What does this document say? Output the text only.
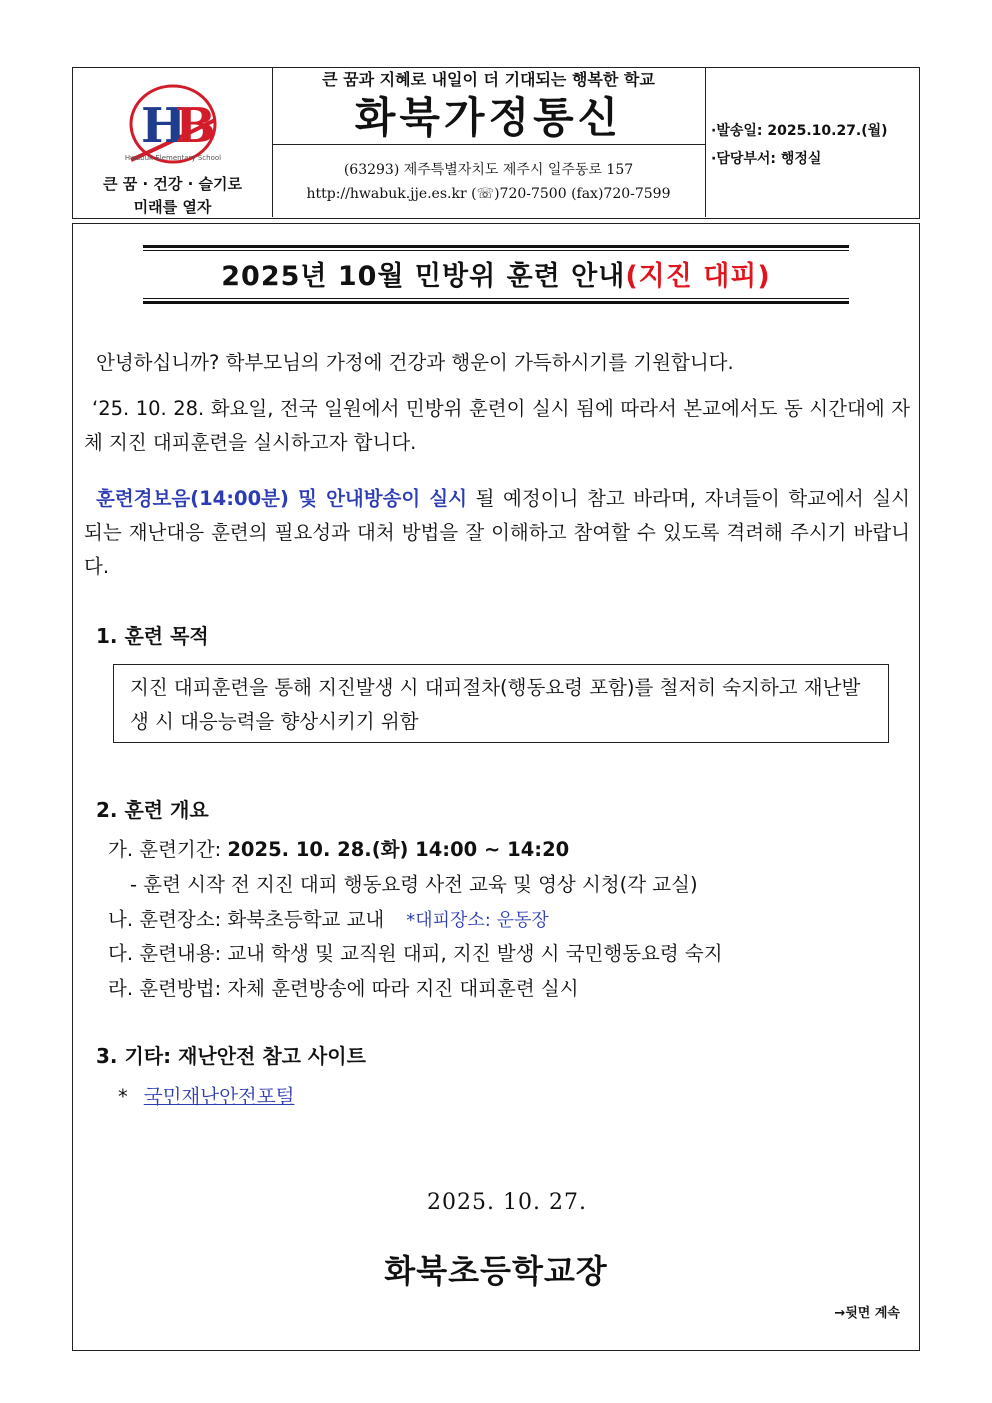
H
B
Hwabuk Elementary School
큰 꿈 · 건강 · 슬기로
미래를 열자
큰 꿈과 지혜로 내일이 더 기대되는 행복한 학교
화북가정통신
(63293) 제주특별자치도 제주시 일주동로 157
http://hwabuk.jje.es.kr (☏)720-7500 (fax)720-7599
·발송일: 2025.10.27.(월)
·담당부서: 행정실
2025년 10월 민방위 훈련 안내(지진 대피)
안녕하십니까? 학부모님의 가정에 건강과 행운이 가득하시기를 기원합니다.
‘25. 10. 28. 화요일, 전국 일원에서 민방위 훈련이 실시 됨에 따라서 본교에서도 동 시간대에 자체 지진 대피훈련을 실시하고자 합니다.
훈련경보음(14:00분) 및 안내방송이 실시 될 예정이니 참고 바라며, 자녀들이 학교에서 실시 되는 재난대응 훈련의 필요성과 대처 방법을 잘 이해하고 참여할 수 있도록 격려해 주시기 바랍니다.
1. 훈련 목적
지진 대피훈련을 통해 지진발생 시 대피절차(행동요령 포함)를 철저히 숙지하고 재난발생 시 대응능력을 향상시키기 위함
2. 훈련 개요
가. 훈련기간: 2025. 10. 28.(화) 14:00 ~ 14:20
- 훈련 시작 전 지진 대피 행동요령 사전 교육 및 영상 시청(각 교실)
나. 훈련장소: 화북초등학교 교내 *대피장소: 운동장
다. 훈련내용: 교내 학생 및 교직원 대피, 지진 발생 시 국민행동요령 숙지
라. 훈련방법: 자체 훈련방송에 따라 지진 대피훈련 실시
3. 기타: 재난안전 참고 사이트
* 국민재난안전포털
2025. 10. 27.
화북초등학교장
→뒷면 계속
